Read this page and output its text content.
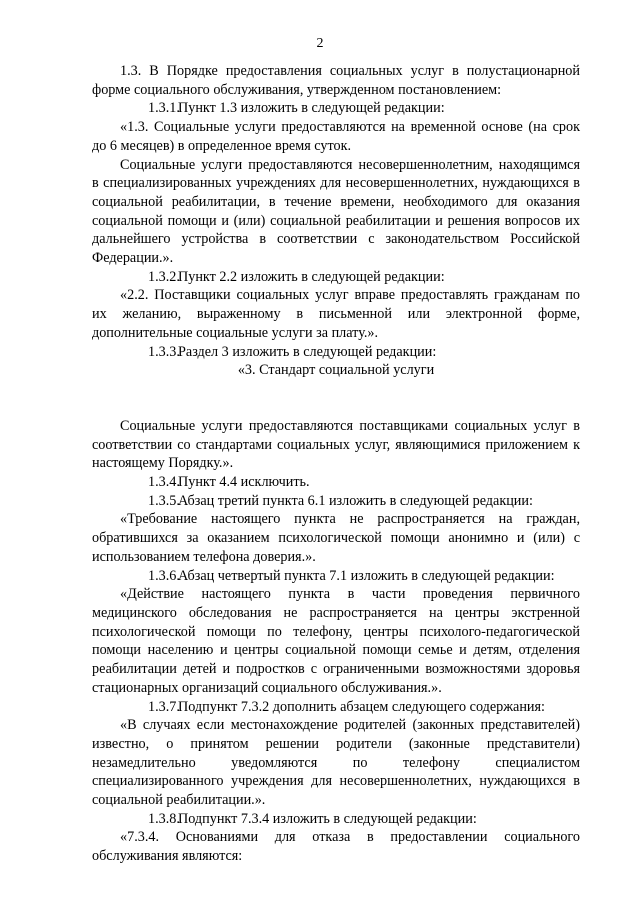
2

1.3. В Порядке предоставления социальных услуг в полустационарной форме социального обслуживания, утвержденном постановлением:

1.3.1.Пункт 1.3 изложить в следующей редакции:

«1.3. Социальные услуги предоставляются на временной основе (на срок до 6 месяцев) в определенное время суток.

Социальные услуги предоставляются несовершеннолетним, находящимся в специализированных учреждениях для несовершеннолетних, нуждающихся в социальной реабилитации, в течение времени, необходимого для оказания социальной помощи и (или) социальной реабилитации и решения вопросов их дальнейшего устройства в соответствии с законодательством Российской Федерации.».

1.3.2.Пункт 2.2 изложить в следующей редакции:

«2.2. Поставщики социальных услуг вправе предоставлять гражданам по их желанию, выраженному в письменной или электронной форме, дополнительные социальные услуги за плату.».

1.3.3.Раздел 3 изложить в следующей редакции:

«3. Стандарт социальной услуги

Социальные услуги предоставляются поставщиками социальных услуг в соответствии со стандартами социальных услуг, являющимися приложением к настоящему Порядку.».

1.3.4.Пункт 4.4 исключить.

1.3.5.Абзац третий пункта 6.1 изложить в следующей редакции:

«Требование настоящего пункта не распространяется на граждан, обратившихся за оказанием психологической помощи анонимно и (или) с использованием телефона доверия.».

1.3.6.Абзац четвертый пункта 7.1 изложить в следующей редакции:

«Действие настоящего пункта в части проведения первичного медицинского обследования не распространяется на центры экстренной психологической помощи по телефону, центры психолого-педагогической помощи населению и центры социальной помощи семье и детям, отделения реабилитации детей и подростков с ограниченными возможностями здоровья стационарных организаций социального обслуживания.».

1.3.7.Подпункт 7.3.2 дополнить абзацем следующего содержания:

«В случаях если местонахождение родителей (законных представителей) известно, о принятом решении родители (законные представители) незамедлительно уведомляются по телефону специалистом специализированного учреждения для несовершеннолетних, нуждающихся в социальной реабилитации.».

1.3.8.Подпункт 7.3.4 изложить в следующей редакции:

«7.3.4. Основаниями для отказа в предоставлении социального обслуживания являются:
